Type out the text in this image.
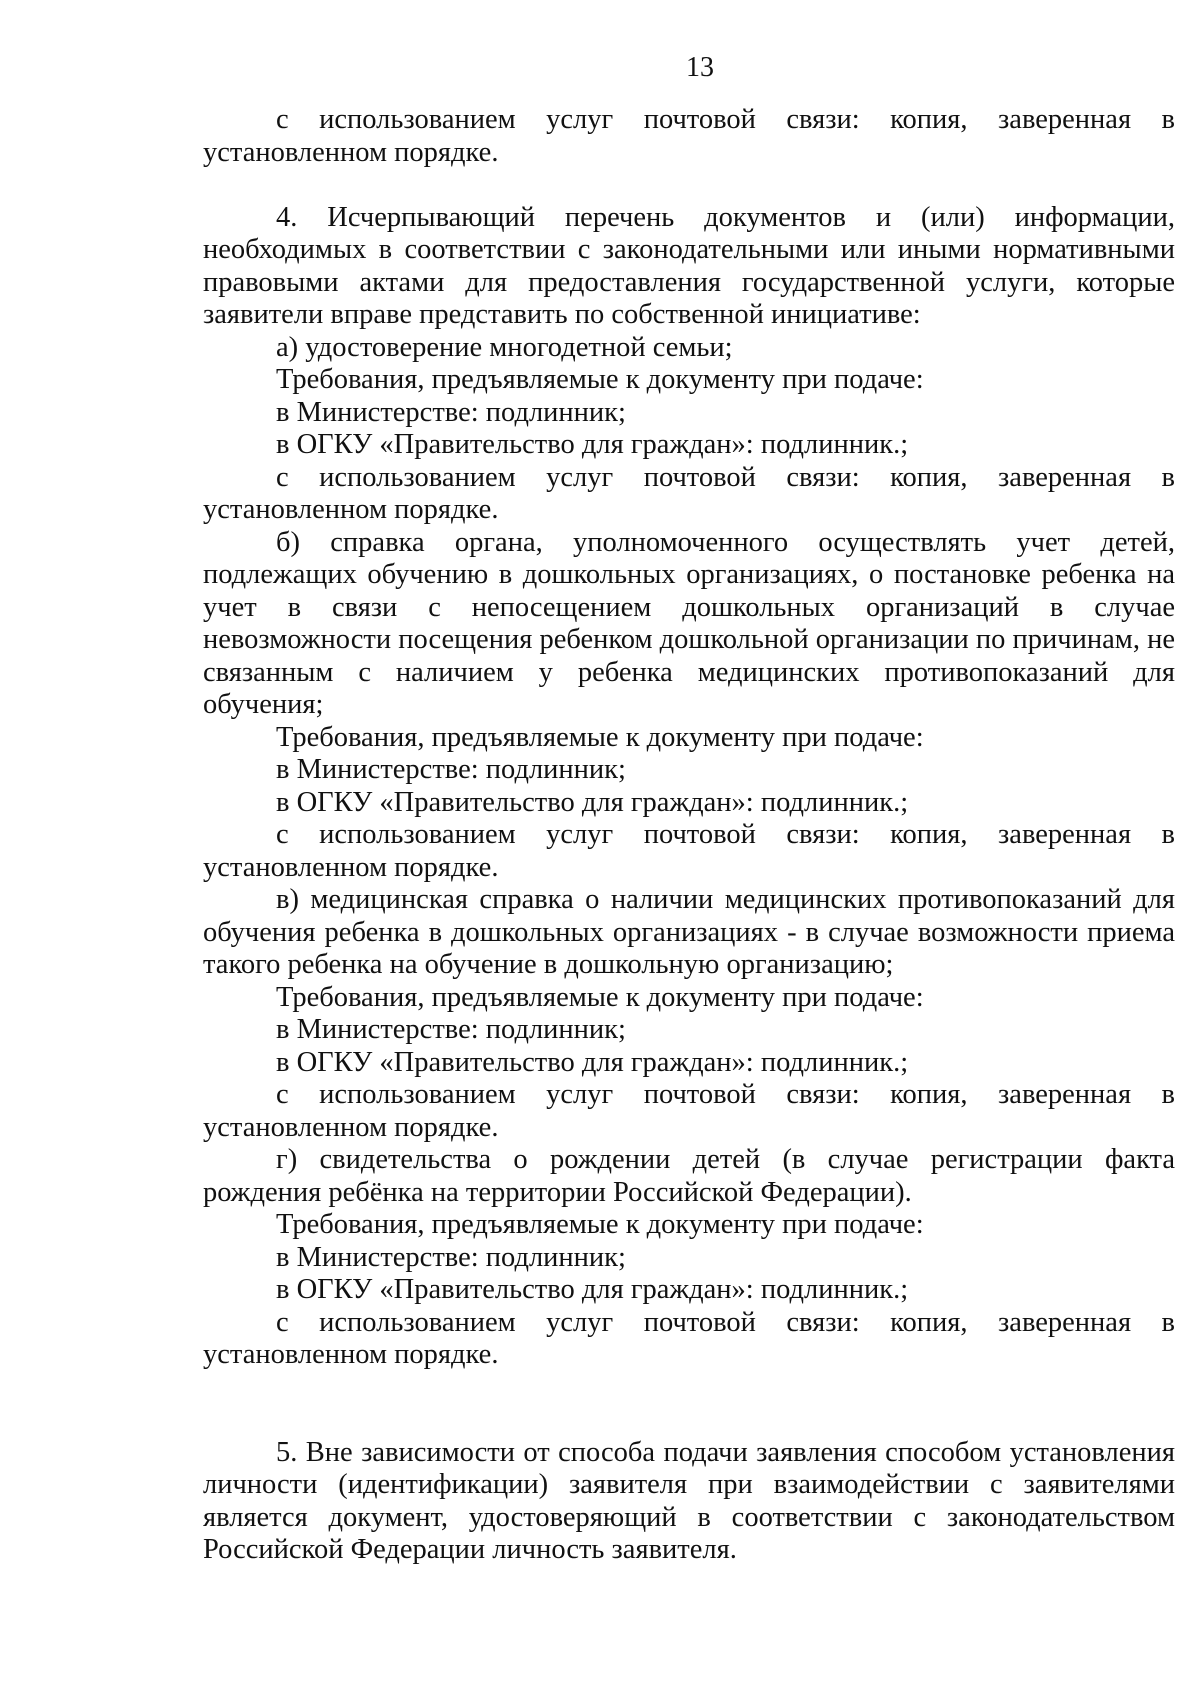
13

с использованием услуг почтовой связи: копия, заверенная в установленном порядке.

4. Исчерпывающий перечень документов и (или) информации, необходимых в соответствии с законодательными или иными нормативными правовыми актами для предоставления государственной услуги, которые заявители вправе представить по собственной инициативе:

а) удостоверение многодетной семьи;

Требования, предъявляемые к документу при подаче:

в Министерстве: подлинник;

в ОГКУ «Правительство для граждан»: подлинник.;

с использованием услуг почтовой связи: копия, заверенная в установленном порядке.

б) справка органа, уполномоченного осуществлять учет детей, подлежащих обучению в дошкольных организациях, о постановке ребенка на учет в связи с непосещением дошкольных организаций в случае невозможности посещения ребенком дошкольной организации по причинам, не связанным с наличием у ребенка медицинских противопоказаний для обучения;

Требования, предъявляемые к документу при подаче:

в Министерстве: подлинник;

в ОГКУ «Правительство для граждан»: подлинник.;

с использованием услуг почтовой связи: копия, заверенная в установленном порядке.

в) медицинская справка о наличии медицинских противопоказаний для обучения ребенка в дошкольных организациях - в случае возможности приема такого ребенка на обучение в дошкольную организацию;

Требования, предъявляемые к документу при подаче:

в Министерстве: подлинник;

в ОГКУ «Правительство для граждан»: подлинник.;

с использованием услуг почтовой связи: копия, заверенная в установленном порядке.

г) свидетельства о рождении детей (в случае регистрации факта рождения ребёнка на территории Российской Федерации).

Требования, предъявляемые к документу при подаче:

в Министерстве: подлинник;

в ОГКУ «Правительство для граждан»: подлинник.;

с использованием услуг почтовой связи: копия, заверенная в установленном порядке.

5. Вне зависимости от способа подачи заявления способом установления личности (идентификации) заявителя при взаимодействии с заявителями является документ, удостоверяющий в соответствии с законодательством Российской Федерации личность заявителя.
